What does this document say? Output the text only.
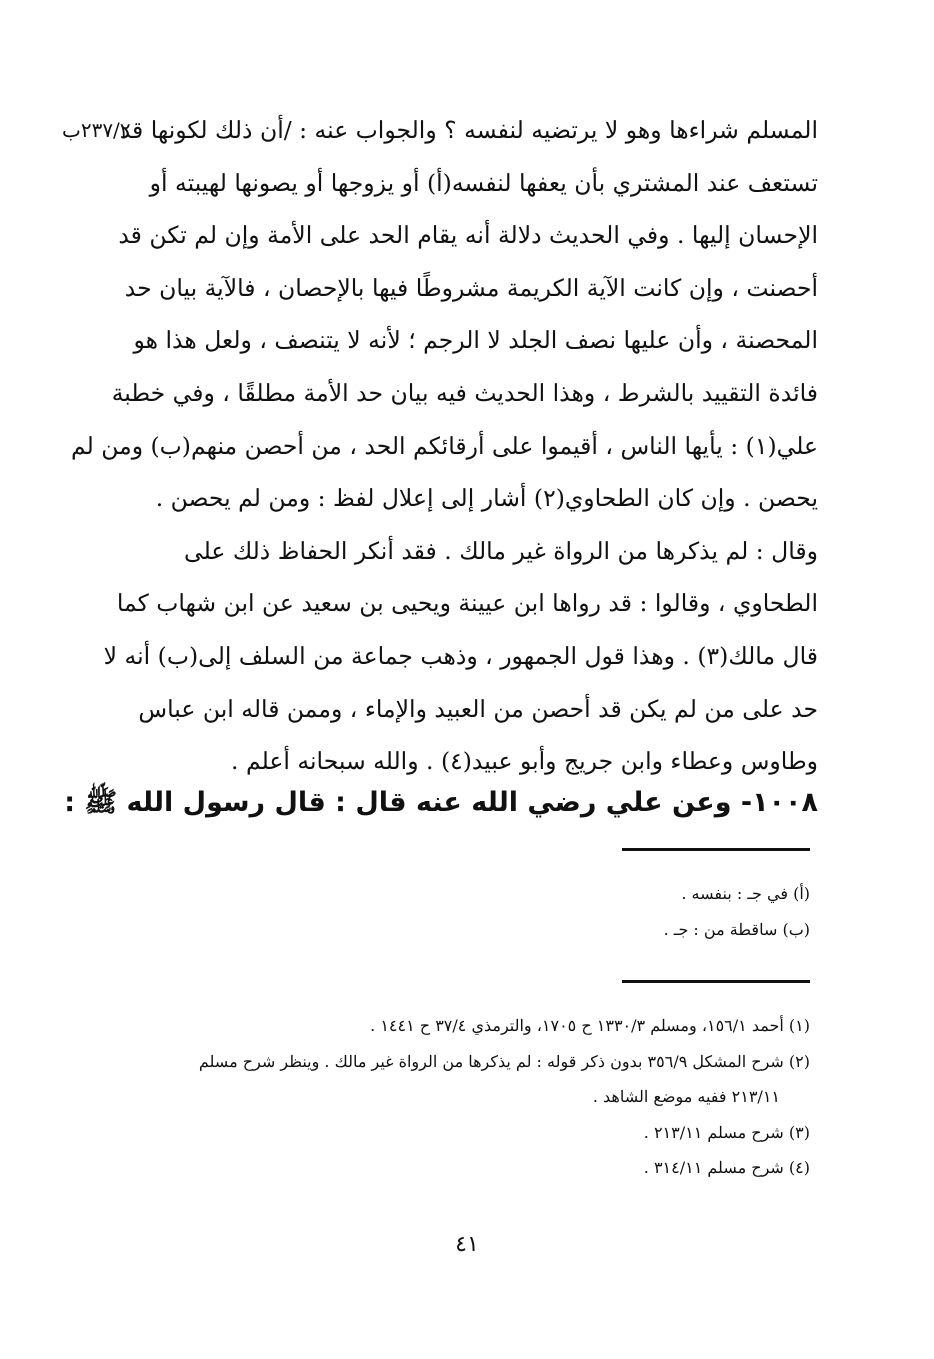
٢٣٧/٢ب
المسلم شراءها وهو لا يرتضيه لنفسه ؟ والجواب عنه : /أن ذلك لكونها قد
تستعف عند المشتري بأن يعفها لنفسه(أ) أو يزوجها أو يصونها لهيبته أو
الإحسان إليها . وفي الحديث دلالة أنه يقام الحد على الأمة وإن لم تكن قد
أحصنت ، وإن كانت الآية الكريمة مشروطًا فيها بالإحصان ، فالآية بيان حد
المحصنة ، وأن عليها نصف الجلد لا الرجم ؛ لأنه لا يتنصف ، ولعل هذا هو
فائدة التقييد بالشرط ، وهذا الحديث فيه بيان حد الأمة مطلقًا ، وفي خطبة
علي(١) : يأيها الناس ، أقيموا على أرقائكم الحد ، من أحصن منهم(ب) ومن لم
يحصن . وإن كان الطحاوي(٢) أشار إلى إعلال لفظ : ومن لم يحصن .
وقال : لم يذكرها من الرواة غير مالك . فقد أنكر الحفاظ ذلك على
الطحاوي ، وقالوا : قد رواها ابن عيينة ويحيى بن سعيد عن ابن شهاب كما
قال مالك(٣) . وهذا قول الجمهور ، وذهب جماعة من السلف إلى(ب) أنه لا
حد على من لم يكن قد أحصن من العبيد والإماء ، وممن قاله ابن عباس
وطاوس وعطاء وابن جريج وأبو عبيد(٤) . والله سبحانه أعلم .
١٠٠٨- وعن علي رضي الله عنه قال : قال رسول الله ﷺ :
(أ) في جـ : بنفسه .
(ب) ساقطة من : جـ .
(١) أحمد ١٥٦/١، ومسلم ١٣٣٠/٣ ح ١٧٠٥، والترمذي ٣٧/٤ ح ١٤٤١ .
(٢) شرح المشكل ٣٥٦/٩ بدون ذكر قوله : لم يذكرها من الرواة غير مالك . وينظر شرح مسلم
٢١٣/١١ ففيه موضع الشاهد .
(٣) شرح مسلم ٢١٣/١١ .
(٤) شرح مسلم ٣١٤/١١ .
٤١
